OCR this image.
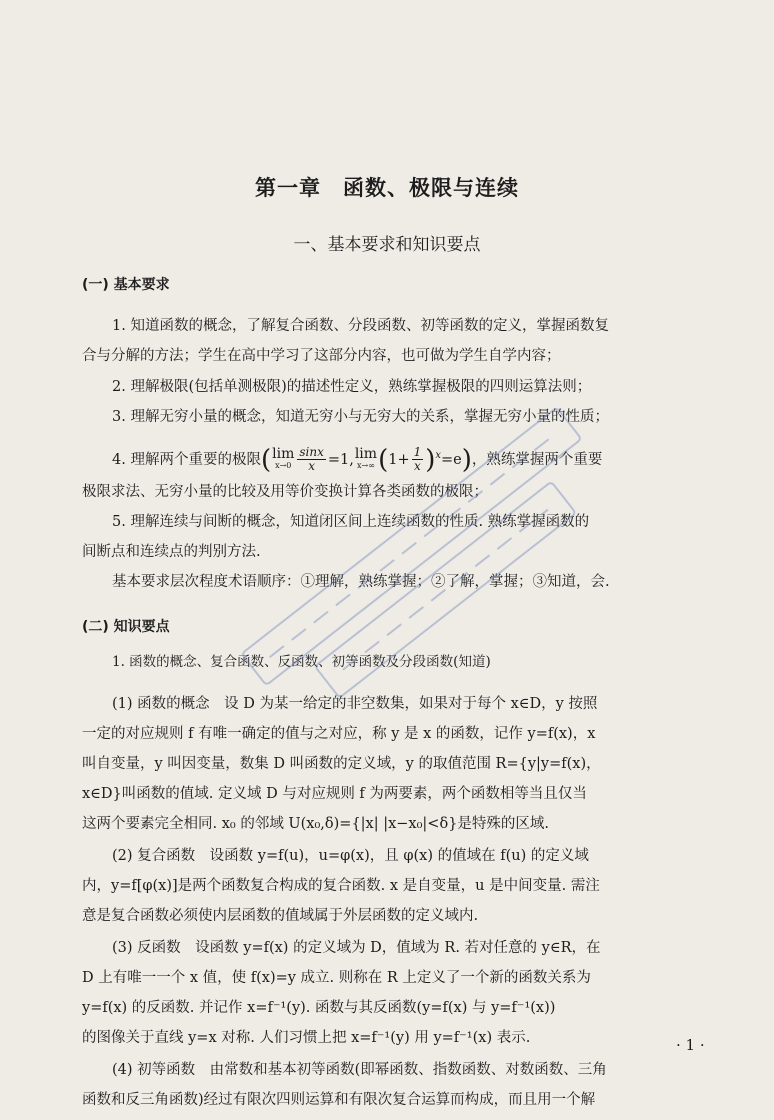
第一章　函数、极限与连续
一、基本要求和知识要点
(一) 基本要求
1. 知道函数的概念，了解复合函数、分段函数、初等函数的定义，掌握函数复
合与分解的方法；学生在高中学习了这部分内容，也可做为学生自学内容；
2. 理解极限(包括单测极限)的描述性定义，熟练掌握极限的四则运算法则；
3. 理解无穷小量的概念，知道无穷小与无穷大的关系，掌握无穷小量的性质；
4. 理解两个重要的极限( lim
$x\to 0 \frac{\sin x}{x} =1$, lim
x→∞ $(1+ \frac{1}{x} )^x=e$)，熟练掌握两个重要
极限求法、无穷小量的比较及用等价变换计算各类函数的极限；
5. 理解连续与间断的概念，知道闭区间上连续函数的性质. 熟练掌握函数的
间断点和连续点的判别方法.
基本要求层次程度术语顺序：①理解，熟练掌握；②了解，掌握；③知道，会.
(二) 知识要点
1. 函数的概念、复合函数、反函数、初等函数及分段函数(知道)
(1) 函数的概念　设 D 为某一给定的非空数集，如果对于每个 x∈D，y 按照
一定的对应规则 f 有唯一确定的值与之对应，称 y 是 x 的函数，记作 y=f(x)，x
叫自变量，y 叫因变量，数集 D 叫函数的定义域，y 的取值范围 R={y|y=f(x)，
x∈D}叫函数的值域. 定义域 D 与对应规则 f 为两要素，两个函数相等当且仅当
这两个要素完全相同. x₀ 的邻域 U(x₀,δ)={|x| |x−x₀|<δ}是特殊的区域.
(2) 复合函数　设函数 y=f(u)，u=φ(x)，且 φ(x) 的值域在 f(u) 的定义域
内，y=f[φ(x)]是两个函数复合构成的复合函数. x 是自变量，u 是中间变量. 需注
意是复合函数必须使内层函数的值域属于外层函数的定义域内.
(3) 反函数　设函数 y=f(x) 的定义域为 D，值域为 R. 若对任意的 y∈R，在
D 上有唯一一个 x 值，使 f(x)=y 成立. 则称在 R 上定义了一个新的函数关系为
y=f(x) 的反函数. 并记作 x=f⁻¹(y). 函数与其反函数(y=f(x) 与 y=f⁻¹(x))
的图像关于直线 y=x 对称. 人们习惯上把 x=f⁻¹(y) 用 y=f⁻¹(x) 表示.
(4) 初等函数　由常数和基本初等函数(即幂函数、指数函数、对数函数、三角
函数和反三角函数)经过有限次四则运算和有限次复合运算而构成，而且用一个解
· 1 ·
